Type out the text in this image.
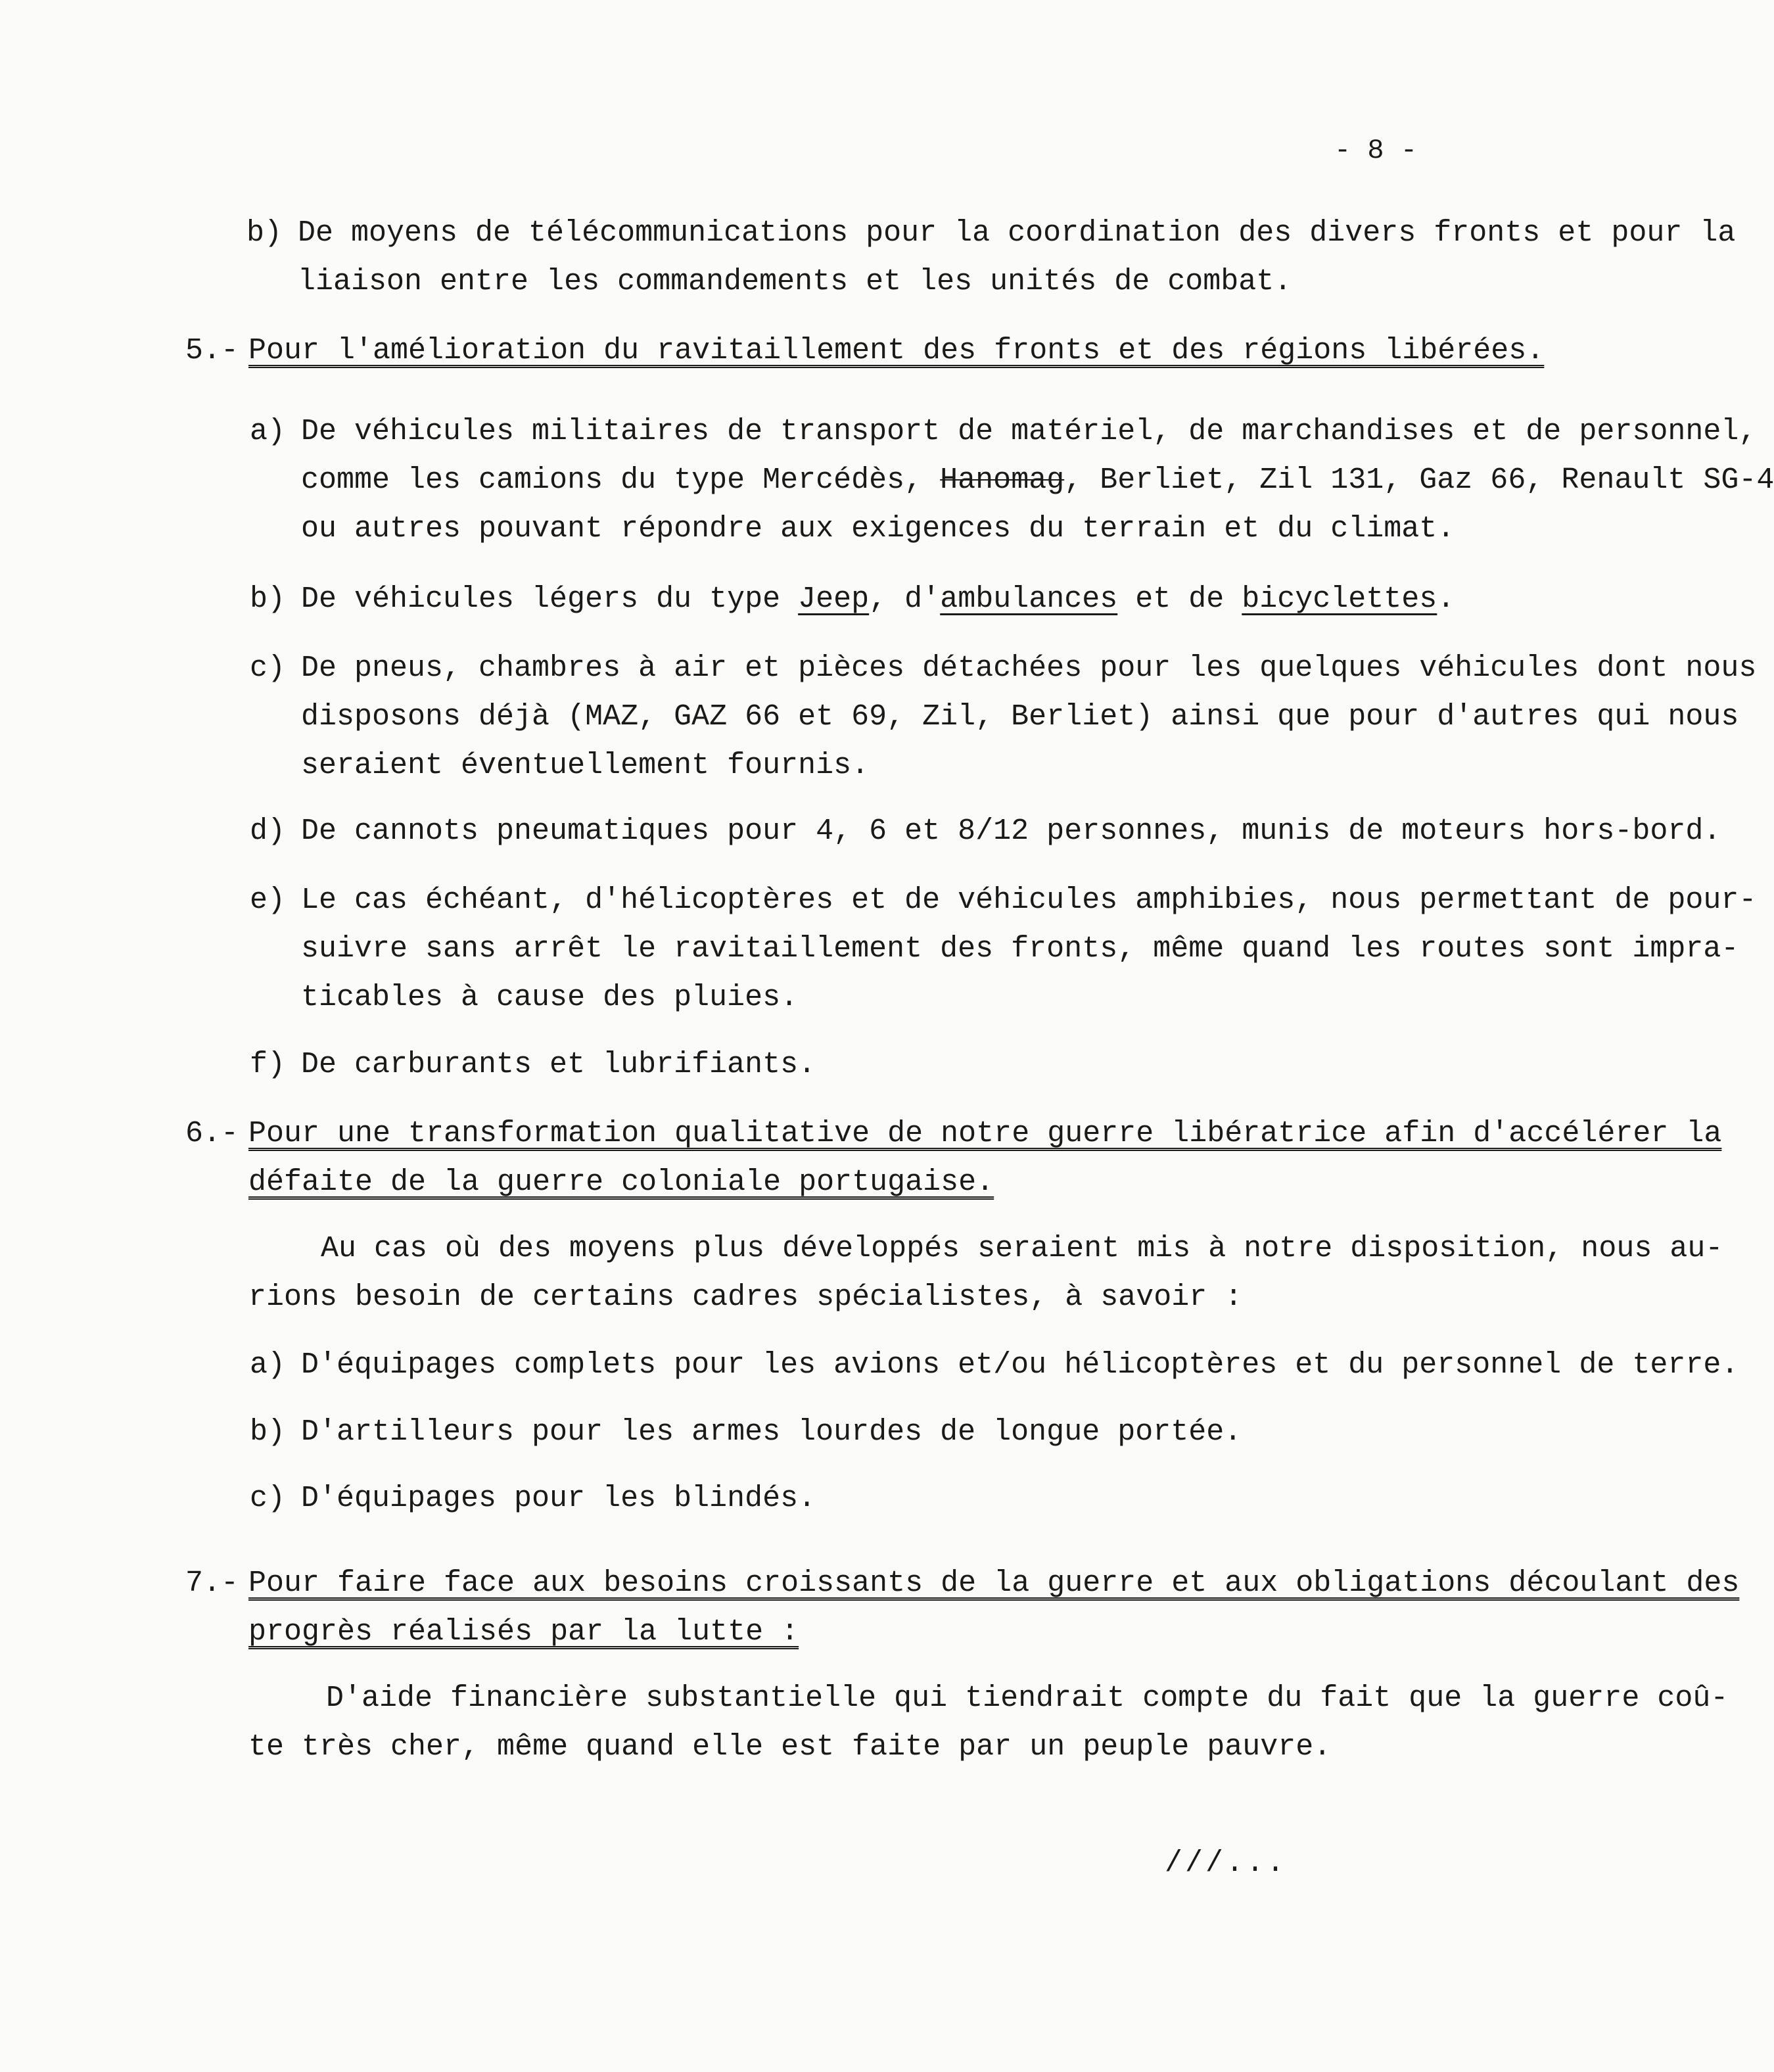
- 8 -
b) De moyens de télécommunications pour la coordination des divers fronts et pour la
liaison entre les commandements et les unités de combat.
5.- Pour l'amélioration du ravitaillement des fronts et des régions libérées.
a) De véhicules militaires de transport de matériel, de marchandises et de personnel,
comme les camions du type Mercédès, Hanomag, Berliet, Zil 131, Gaz 66, Renault SG-4
ou autres pouvant répondre aux exigences du terrain et du climat.
b) De véhicules légers du type Jeep, d'ambulances et de bicyclettes.
c) De pneus, chambres à air et pièces détachées pour les quelques véhicules dont nous
disposons déjà (MAZ, GAZ 66 et 69, Zil, Berliet) ainsi que pour d'autres qui nous
seraient éventuellement fournis.
d) De cannots pneumatiques pour 4, 6 et 8/12 personnes, munis de moteurs hors-bord.
e) Le cas échéant, d'hélicoptères et de véhicules amphibies, nous permettant de pour-
suivre sans arrêt le ravitaillement des fronts, même quand les routes sont impra-
ticables à cause des pluies.
f) De carburants et lubrifiants.
6.- Pour une transformation qualitative de notre guerre libératrice afin d'accélérer la
défaite de la guerre coloniale portugaise.
Au cas où des moyens plus développés seraient mis à notre disposition, nous au-
rions besoin de certains cadres spécialistes, à savoir :
a) D'équipages complets pour les avions et/ou hélicoptères et du personnel de terre.
b) D'artilleurs pour les armes lourdes de longue portée.
c) D'équipages pour les blindés.
7.- Pour faire face aux besoins croissants de la guerre et aux obligations découlant des
progrès réalisés par la lutte :
D'aide financière substantielle qui tiendrait compte du fait que la guerre coû-
te très cher, même quand elle est faite par un peuple pauvre.
///...
